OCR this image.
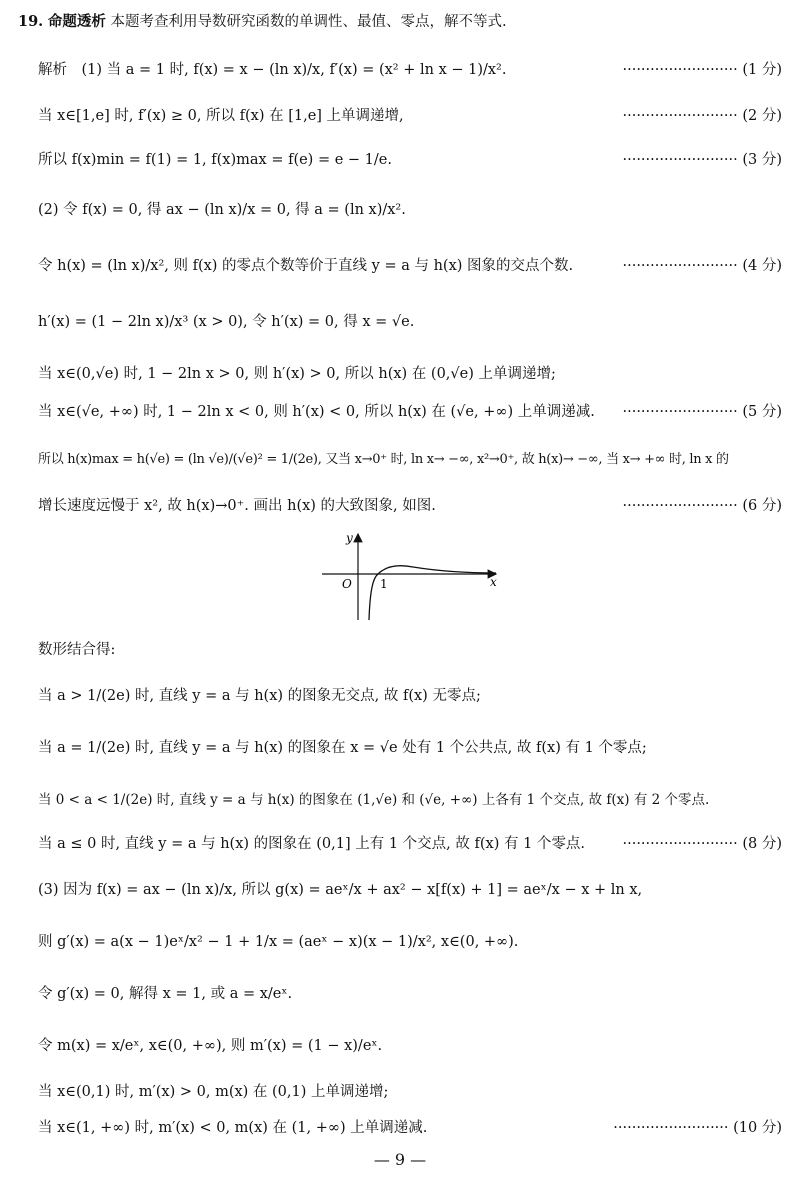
19. 命题透析 本题考查利用导数研究函数的单调性、最值、零点，解不等式.
解析　(1) 当 a = 1 时, f(x) = x − (ln x)/x, f′(x) = (x² + ln x − 1)/x².	························· (1 分)
当 x∈[1,e] 时, f′(x) ≥ 0, 所以 f(x) 在 [1,e] 上单调递增,	························· (2 分)
所以 f(x)min = f(1) = 1, f(x)max = f(e) = e − 1/e.	························· (3 分)
(2) 令 f(x) = 0, 得 ax − (ln x)/x = 0, 得 a = (ln x)/x².
令 h(x) = (ln x)/x², 则 f(x) 的零点个数等价于直线 y = a 与 h(x) 图象的交点个数.	························· (4 分)
h′(x) = (1 − 2ln x)/x³ (x > 0), 令 h′(x) = 0, 得 x = √e.
当 x∈(0,√e) 时, 1 − 2ln x > 0, 则 h′(x) > 0, 所以 h(x) 在 (0,√e) 上单调递增;
当 x∈(√e, +∞) 时, 1 − 2ln x < 0, 则 h′(x) < 0, 所以 h(x) 在 (√e, +∞) 上单调递减. ························· (5 分)
所以 h(x)max = h(√e) = (ln √e)/(√e)² = 1/(2e), 又当 x→0⁺ 时, ln x→ −∞, x²→0⁺, 故 h(x)→ −∞, 当 x→ +∞ 时, ln x 的
增长速度远慢于 x², 故 h(x)→0⁺. 画出 h(x) 的大致图象, 如图.	························· (6 分)
y
x
O 1
数形结合得:
当 a > 1/(2e) 时, 直线 y = a 与 h(x) 的图象无交点, 故 f(x) 无零点;
当 a = 1/(2e) 时, 直线 y = a 与 h(x) 的图象在 x = √e 处有 1 个公共点, 故 f(x) 有 1 个零点;
当 0 < a < 1/(2e) 时, 直线 y = a 与 h(x) 的图象在 (1,√e) 和 (√e, +∞) 上各有 1 个交点, 故 f(x) 有 2 个零点.
当 a ≤ 0 时, 直线 y = a 与 h(x) 的图象在 (0,1] 上有 1 个交点, 故 f(x) 有 1 个零点.	························· (8 分)
(3) 因为 f(x) = ax − (ln x)/x, 所以 g(x) = aeˣ/x + ax² − x[f(x) + 1] = aeˣ/x − x + ln x,
则 g′(x) = a(x − 1)eˣ/x² − 1 + 1/x = (aeˣ − x)(x − 1)/x², x∈(0, +∞).
令 g′(x) = 0, 解得 x = 1, 或 a = x/eˣ.
令 m(x) = x/eˣ, x∈(0, +∞), 则 m′(x) = (1 − x)/eˣ.
当 x∈(0,1) 时, m′(x) > 0, m(x) 在 (0,1) 上单调递增;
当 x∈(1, +∞) 时, m′(x) < 0, m(x) 在 (1, +∞) 上单调递减.	························· (10 分)
— 9 —
